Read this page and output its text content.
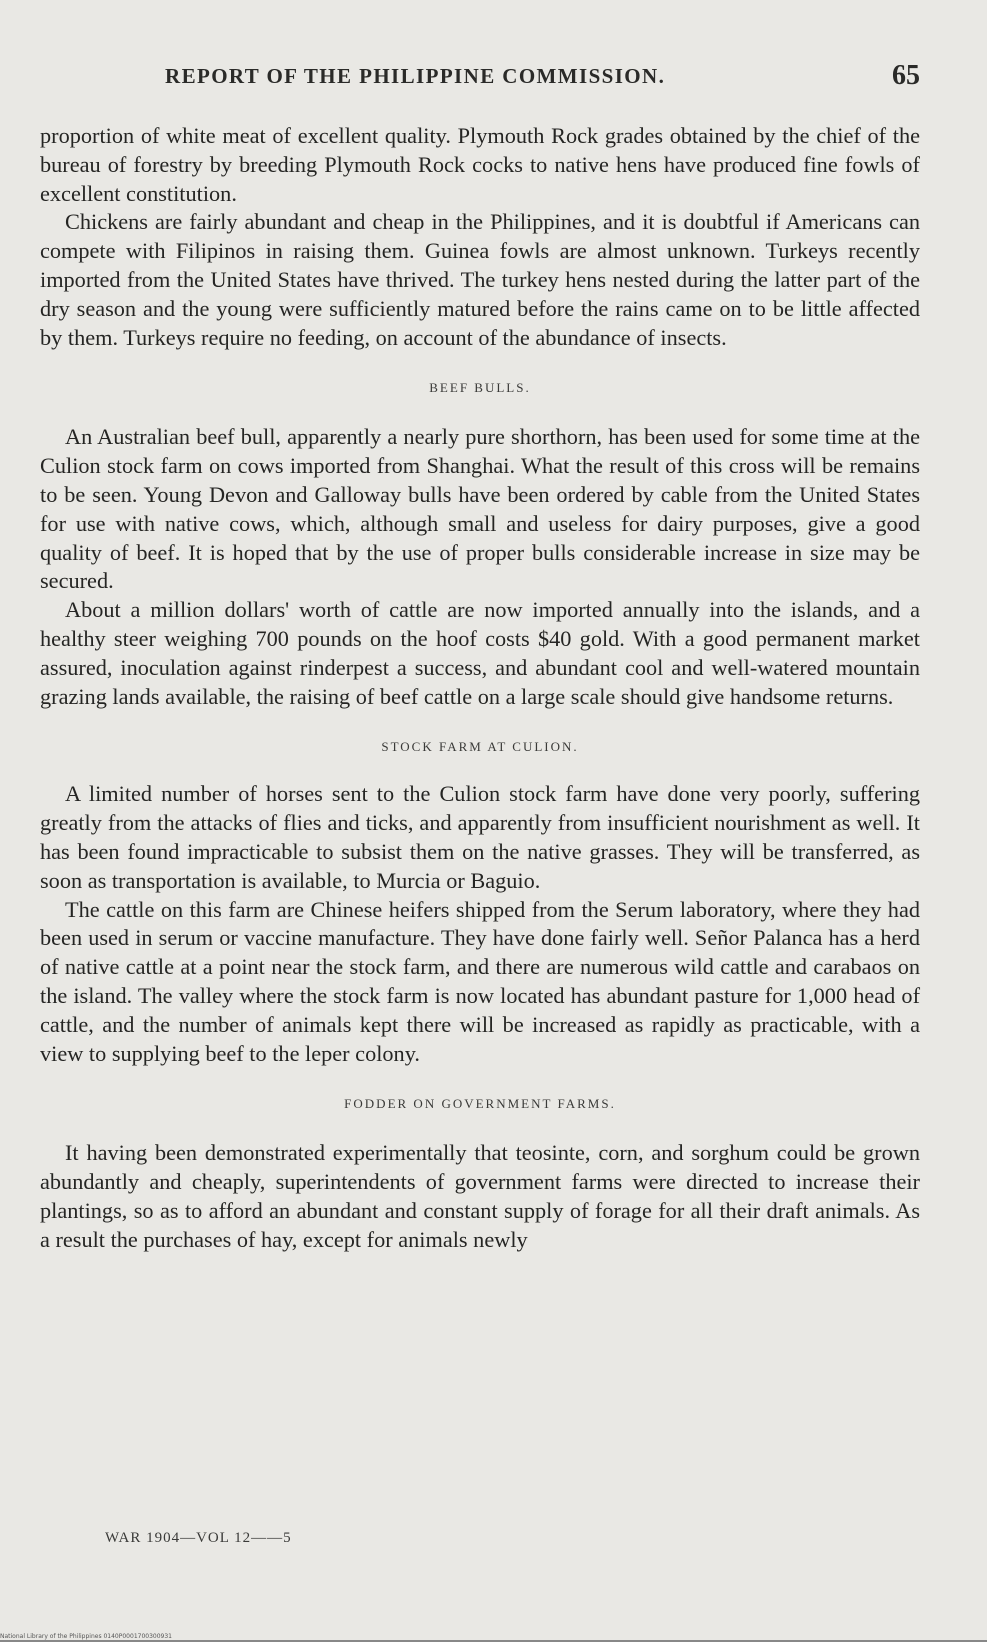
REPORT OF THE PHILIPPINE COMMISSION.	65

proportion of white meat of excellent quality. Plymouth Rock grades obtained by the chief of the bureau of forestry by breeding Plymouth Rock cocks to native hens have produced fine fowls of excellent constitution.

Chickens are fairly abundant and cheap in the Philippines, and it is doubtful if Americans can compete with Filipinos in raising them. Guinea fowls are almost unknown. Turkeys recently imported from the United States have thrived. The turkey hens nested during the latter part of the dry season and the young were sufficiently matured before the rains came on to be little affected by them. Turkeys require no feeding, on account of the abundance of insects.

BEEF BULLS.

An Australian beef bull, apparently a nearly pure shorthorn, has been used for some time at the Culion stock farm on cows imported from Shanghai. What the result of this cross will be remains to be seen. Young Devon and Galloway bulls have been ordered by cable from the United States for use with native cows, which, although small and useless for dairy purposes, give a good quality of beef. It is hoped that by the use of proper bulls considerable increase in size may be secured.

About a million dollars' worth of cattle are now imported annually into the islands, and a healthy steer weighing 700 pounds on the hoof costs $40 gold. With a good permanent market assured, inoculation against rinderpest a success, and abundant cool and well-watered mountain grazing lands available, the raising of beef cattle on a large scale should give handsome returns.

STOCK FARM AT CULION.

A limited number of horses sent to the Culion stock farm have done very poorly, suffering greatly from the attacks of flies and ticks, and apparently from insufficient nourishment as well. It has been found impracticable to subsist them on the native grasses. They will be transferred, as soon as transportation is available, to Murcia or Baguio.

The cattle on this farm are Chinese heifers shipped from the Serum laboratory, where they had been used in serum or vaccine manufacture. They have done fairly well. Señor Palanca has a herd of native cattle at a point near the stock farm, and there are numerous wild cattle and carabaos on the island. The valley where the stock farm is now located has abundant pasture for 1,000 head of cattle, and the number of animals kept there will be increased as rapidly as practicable, with a view to supplying beef to the leper colony.

FODDER ON GOVERNMENT FARMS.

It having been demonstrated experimentally that teosinte, corn, and sorghum could be grown abundantly and cheaply, superintendents of government farms were directed to increase their plantings, so as to afford an abundant and constant supply of forage for all their draft animals. As a result the purchases of hay, except for animals newly

WAR 1904—VOL 12——5
National Library of the Philippines 0140P0001700300931
